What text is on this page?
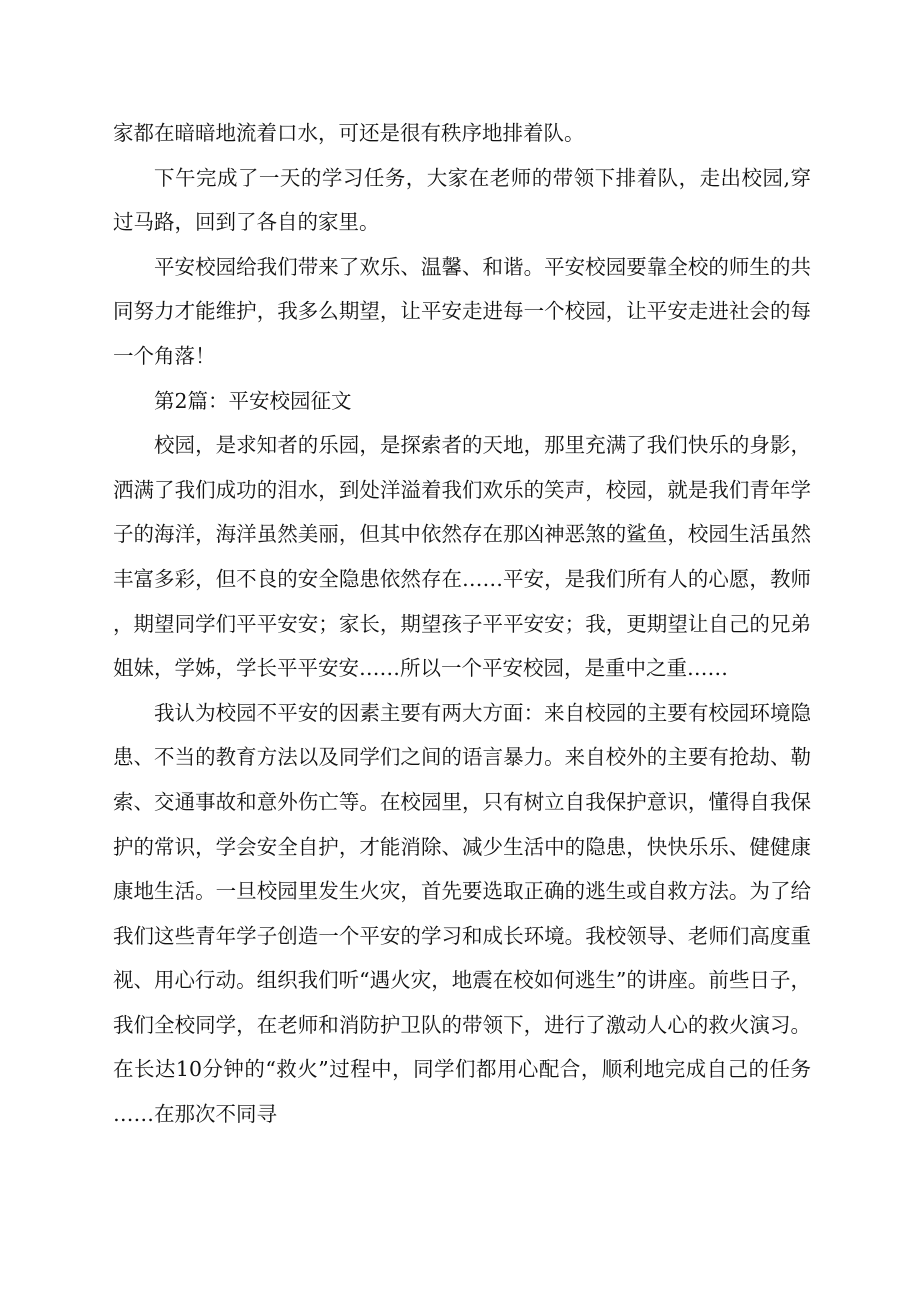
家都在暗暗地流着口水，可还是很有秩序地排着队。

下午完成了一天的学习任务，大家在老师的带领下排着队，走出校园,穿过马路，回到了各自的家里。

平安校园给我们带来了欢乐、温馨、和谐。平安校园要靠全校的师生的共同努力才能维护，我多么期望，让平安走进每一个校园，让平安走进社会的每一个角落！

第2篇：平安校园征文

校园，是求知者的乐园，是探索者的天地，那里充满了我们快乐的身影，洒满了我们成功的泪水，到处洋溢着我们欢乐的笑声，校园，就是我们青年学子的海洋，海洋虽然美丽，但其中依然存在那凶神恶煞的鲨鱼，校园生活虽然丰富多彩，但不良的安全隐患依然存在……平安，是我们所有人的心愿，教师，期望同学们平平安安；家长，期望孩子平平安安；我，更期望让自己的兄弟姐妹，学姊，学长平平安安……所以一个平安校园，是重中之重……

我认为校园不平安的因素主要有两大方面：来自校园的主要有校园环境隐患、不当的教育方法以及同学们之间的语言暴力。来自校外的主要有抢劫、勒索、交通事故和意外伤亡等。在校园里，只有树立自我保护意识，懂得自我保护的常识，学会安全自护，才能消除、减少生活中的隐患，快快乐乐、健健康康地生活。一旦校园里发生火灾，首先要选取正确的逃生或自救方法。为了给我们这些青年学子创造一个平安的学习和成长环境。我校领导、老师们高度重视、用心行动。组织我们听“遇火灾，地震在校如何逃生”的讲座。前些日子，我们全校同学，在老师和消防护卫队的带领下，进行了激动人心的救火演习。在长达10分钟的“救火”过程中，同学们都用心配合，顺利地完成自己的任务……在那次不同寻
